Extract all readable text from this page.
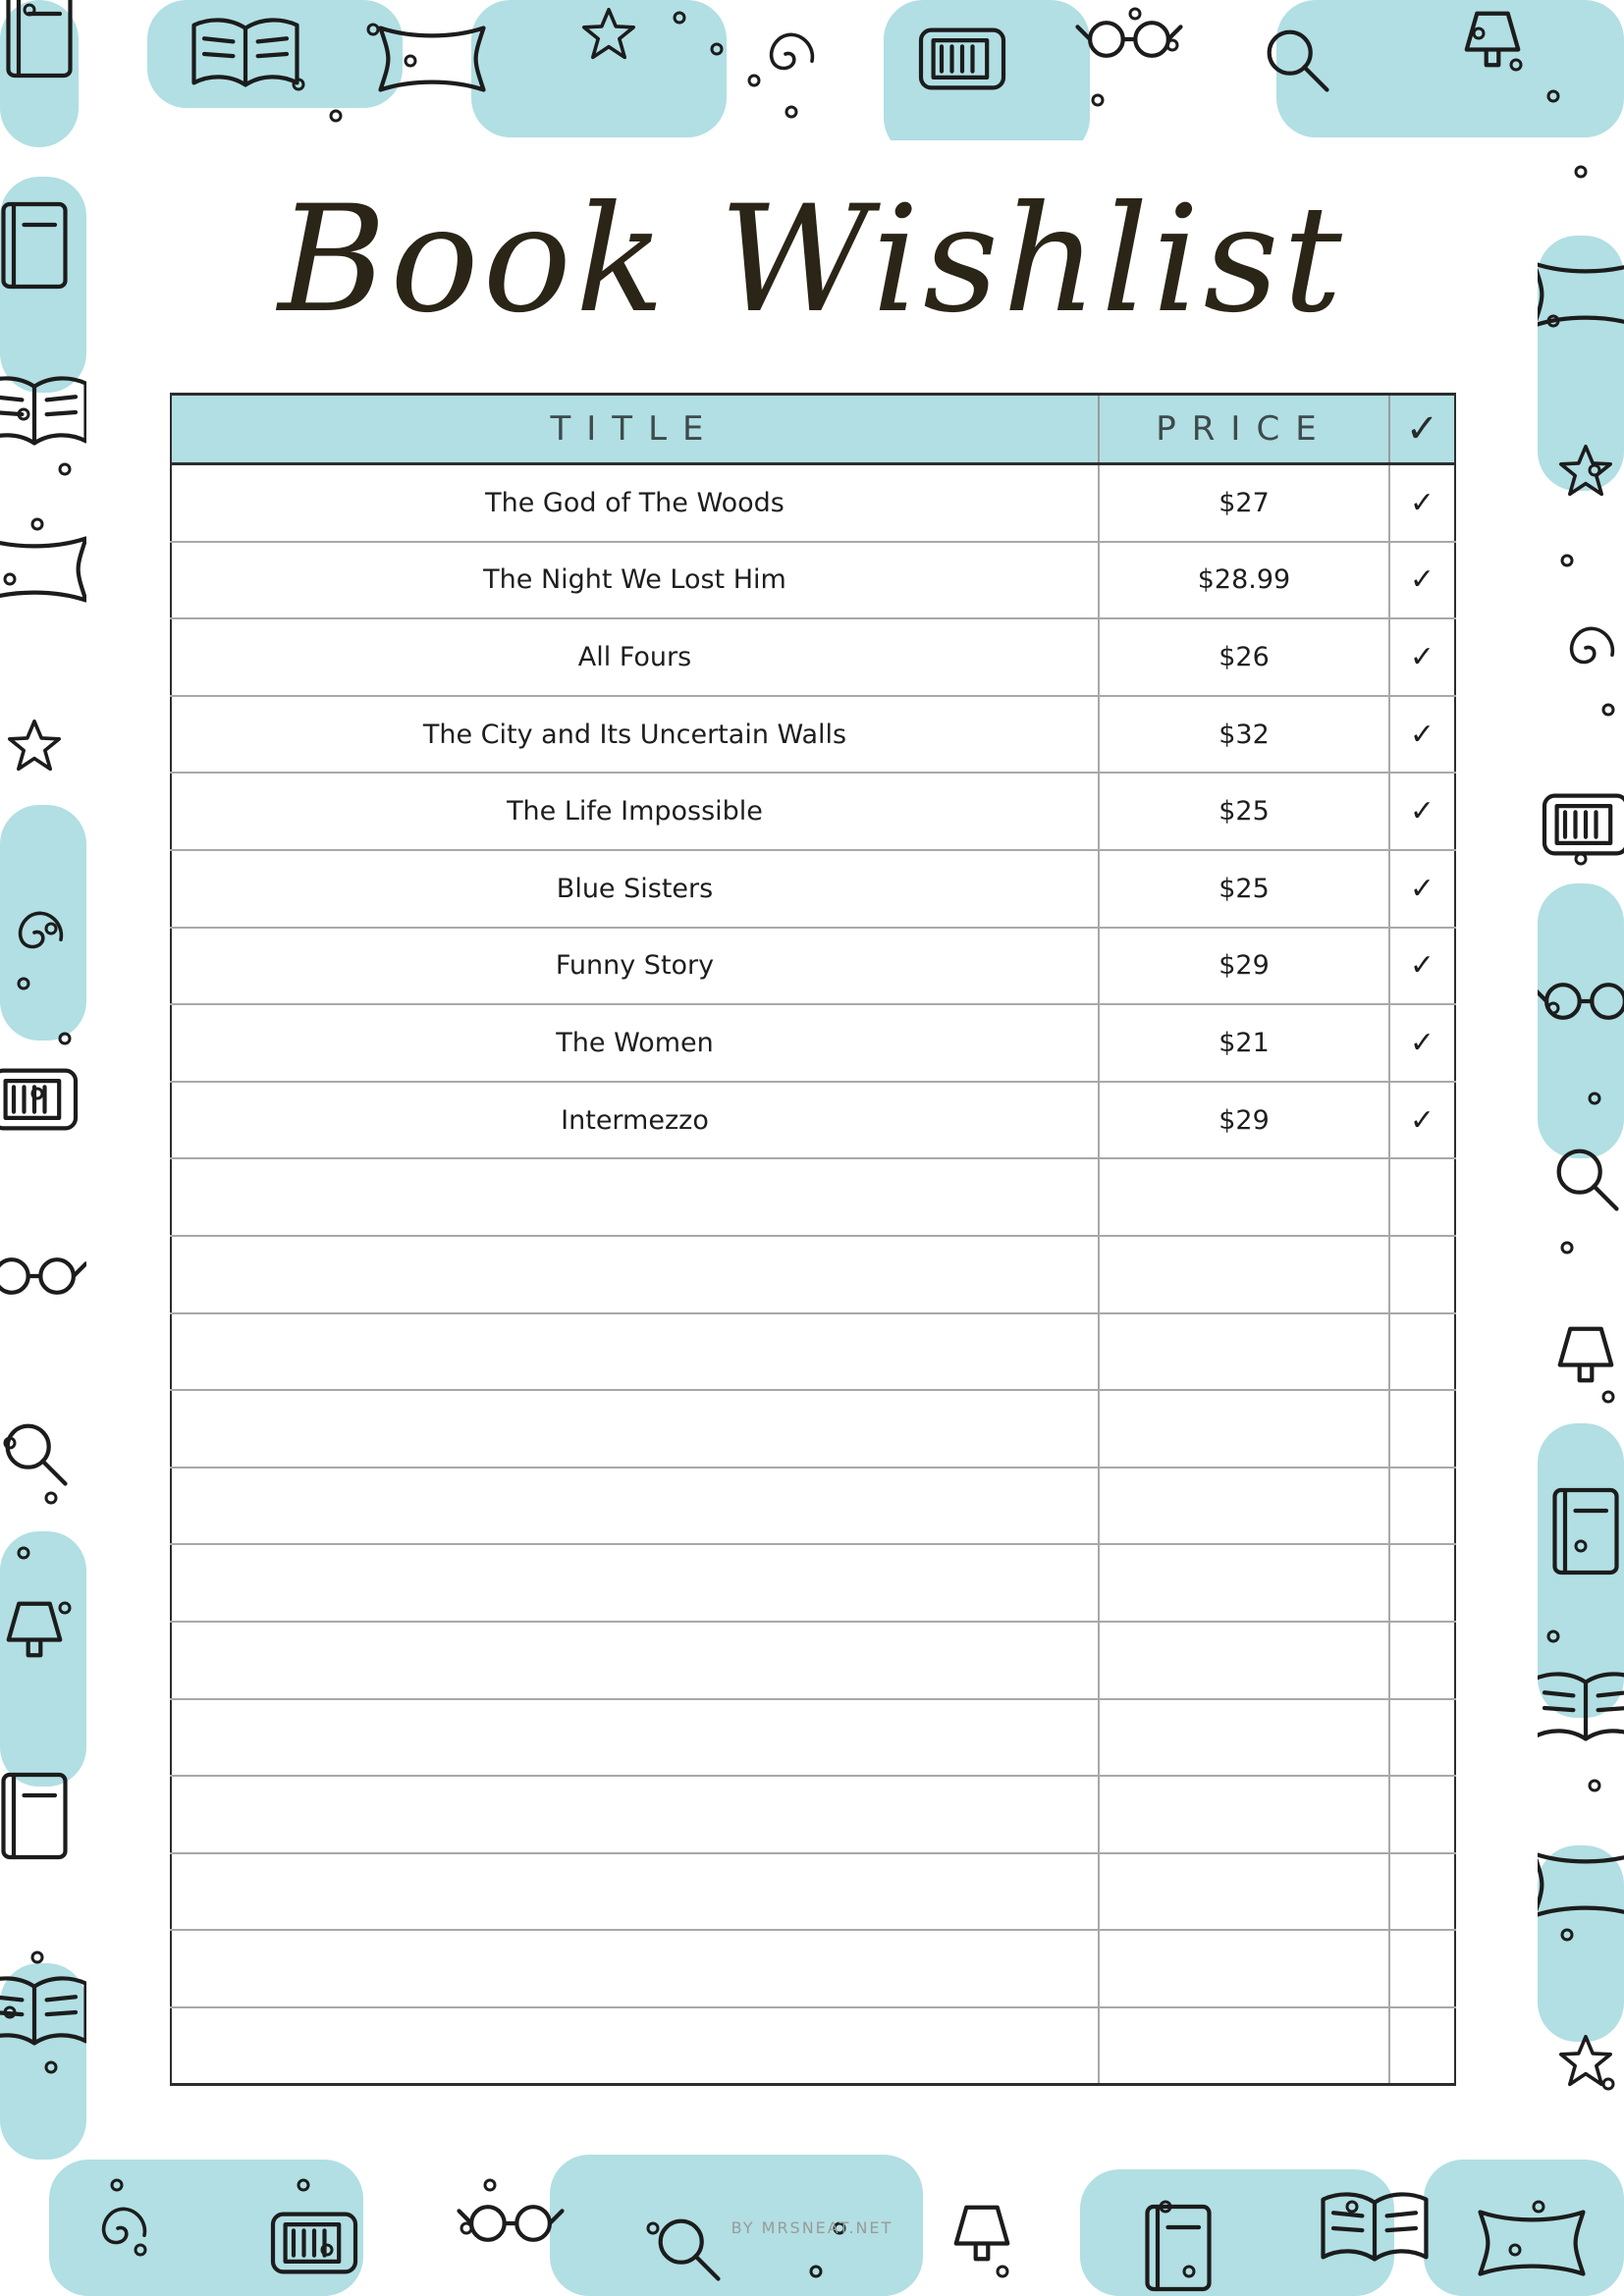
Book Wishlist
TITLE	PRICE	✓
The God of The Woods	$27	✓
The Night We Lost Him	$28.99	✓
All Fours	$26	✓
The City and Its Uncertain Walls	$32	✓
The Life Impossible	$25	✓
Blue Sisters	$25	✓
Funny Story	$29	✓
The Women	$21	✓
Intermezzo	$29	✓

BY MRSNEAT.NET
